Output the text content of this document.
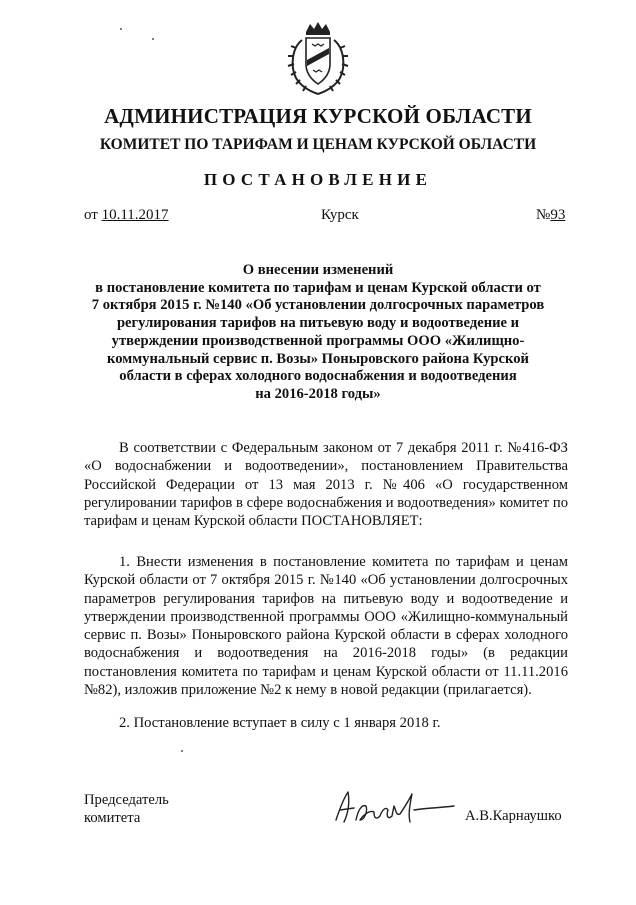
АДМИНИСТРАЦИЯ КУРСКОЙ ОБЛАСТИ
КОМИТЕТ ПО ТАРИФАМ И ЦЕНАМ КУРСКОЙ ОБЛАСТИ
ПОСТАНОВЛЕНИЕ
от 10.11.2017	Курск	№93
О внесении изменений
в постановление комитета по тарифам и ценам Курской области от
7 октября 2015 г. №140 «Об установлении долгосрочных параметров
регулирования тарифов на питьевую воду и водоотведение и
утверждении производственной программы ООО «Жилищно-
коммунальный сервис п. Возы» Поныровского района Курской
области в сферах холодного водоснабжения и водоотведения
на 2016-2018 годы»
В соответствии с Федеральным законом от 7 декабря 2011 г. №416-ФЗ «О водоснабжении и водоотведении», постановлением Правительства Российской Федерации от 13 мая 2013 г. №406 «О государственном регулировании тарифов в сфере водоснабжения и водоотведения» комитет по тарифам и ценам Курской области ПОСТАНОВЛЯЕТ:
1. Внести изменения в постановление комитета по тарифам и ценам Курской области от 7 октября 2015 г. №140 «Об установлении долгосрочных параметров регулирования тарифов на питьевую воду и водоотведение и утверждении производственной программы ООО «Жилищно-коммунальный сервис п. Возы» Поныровского района Курской области в сферах холодного водоснабжения и водоотведения на 2016-2018 годы» (в редакции постановления комитета по тарифам и ценам Курской области от 11.11.2016 №82), изложив приложение №2 к нему в новой редакции (прилагается).
2. Постановление вступает в силу с 1 января 2018 г.
Председатель
комитета	А.В.Карнаушко
